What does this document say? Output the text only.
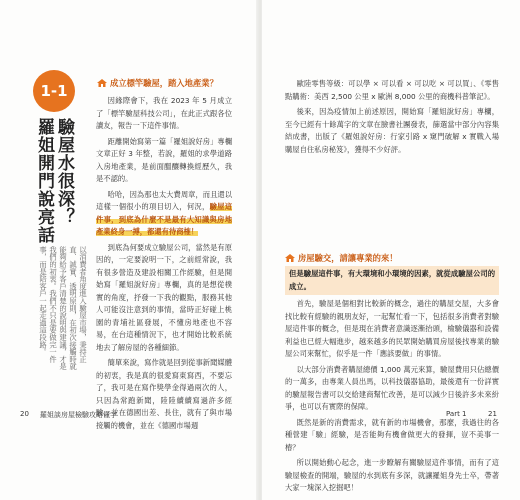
1-1
驗屋水很深？
羅姐開門說亮話
以消費者角度進入驗屋市場，秉持正
直、誠實、透明原則，在初次接觸時就
能夠給予客戶清楚的說明與建議，才是
我們的初衷。我們不只是要做完一件
事，而是陪客戶一起走過這段路。
成立標竿驗屋，踏入地產業？

因緣際會下，我在 2023 年 5 月成立了「標竿驗屋科技公司」，在此正式跟各位讀友，報告一下這件事情。

距離開始寫第一篇「羅姐說好房」專欄文章正好 3 年整，若說，羅姐的求學道路入房地產業，是前面醞釀轉換經歷久，我是不認的。

哈哈，因為那也太大費周章，而且還以這樣一個很小的項目切入，何況，驗屋這件事，到底為什麼不是最有大知識與房地產業終身一搏，都還有待商榷！

到底為何要成立驗屋公司，當然是有原因的，一定要說明一下，之前經常說，我有很多營造及建設相關工作經驗，但是開始寫「羅姐說好房」專欄，真的是想從樸實的角度，抒發一下我的觀點，服務其他人可能沒注意到的事情，當時正好碰上桃園的青埔社區發展，不懂房地產也不容易，在台這種情況下，也才開始比較系統地去了解房屋的各種細節。

簡單來說，寫作就是回到從事新聞媒體的初衷，我是真的很愛寫東寫西，不要忘了，我可是在寫作獎學金得過兩次的人，只因為常跑新聞，陸陸續續寫過許多經驗，並在德國出差、長住，就有了與市場接觸的機會，並在《德國市場週

20 羅姐談房屋檢驗攻略懂字

歐陸零售等級：可以學 × 可以看 × 可以吃 × 可以買」、《零售點購術：美西 2,500 公里 x 歐洲 8,000 公里的商機科普筆記》。

後來，因為疫情加上前述原因，開始寫「羅姐說好房」專欄，至今已經有十餘萬字的文章在臉書社團發表，篩選當中部分內容集結成書，出版了《羅姐說好房：行家引路 x 窺門破解 x 實戰入場 購屋自住私房秘笈》，獲得不少好評。

房屋驗交，請讓專業的來！

但是驗屋這件事，有大環境和小環境的因素，就從成驗屋公司的成立。

首先，驗屋是個相對比較新的概念，過往的購屋交屋，大多會找比較有經驗的親朋友好，一起幫忙看一下，包括很多消費者對驗屋這件事的概念，但是現在消費者意識逐漸抬頭，檢驗儀器和設備利益也已經大幅進步，越來越多的民眾開始購買房屋後找專業的驗屋公司來幫忙，似乎是一件「應該要做」的事情。

以大部分消費者購屋總價 1,000 萬元來算，驗屋費用只佔總價的一萬多，由專業人員出馬，以科技儀器協助，最後還有一份詳實的驗屋報告書可以交給建商幫忙改善，是可以減少日後許多未來紛爭，也可以有實際的保障。

既然是新的消費需求，就有新的市場機會，那麼，我過往的各種營建「驗」經驗，是否能夠有機會做更大的發揮，豈不美事一樁？

所以開始動心起念，進一步瞭解有關驗屋這件事情，而有了這驗屋檢查的開端，驗屋的水到底有多深，就讓羅姐身先士卒，帶著大家一塊深入挖掘吧！

Part 1	21
